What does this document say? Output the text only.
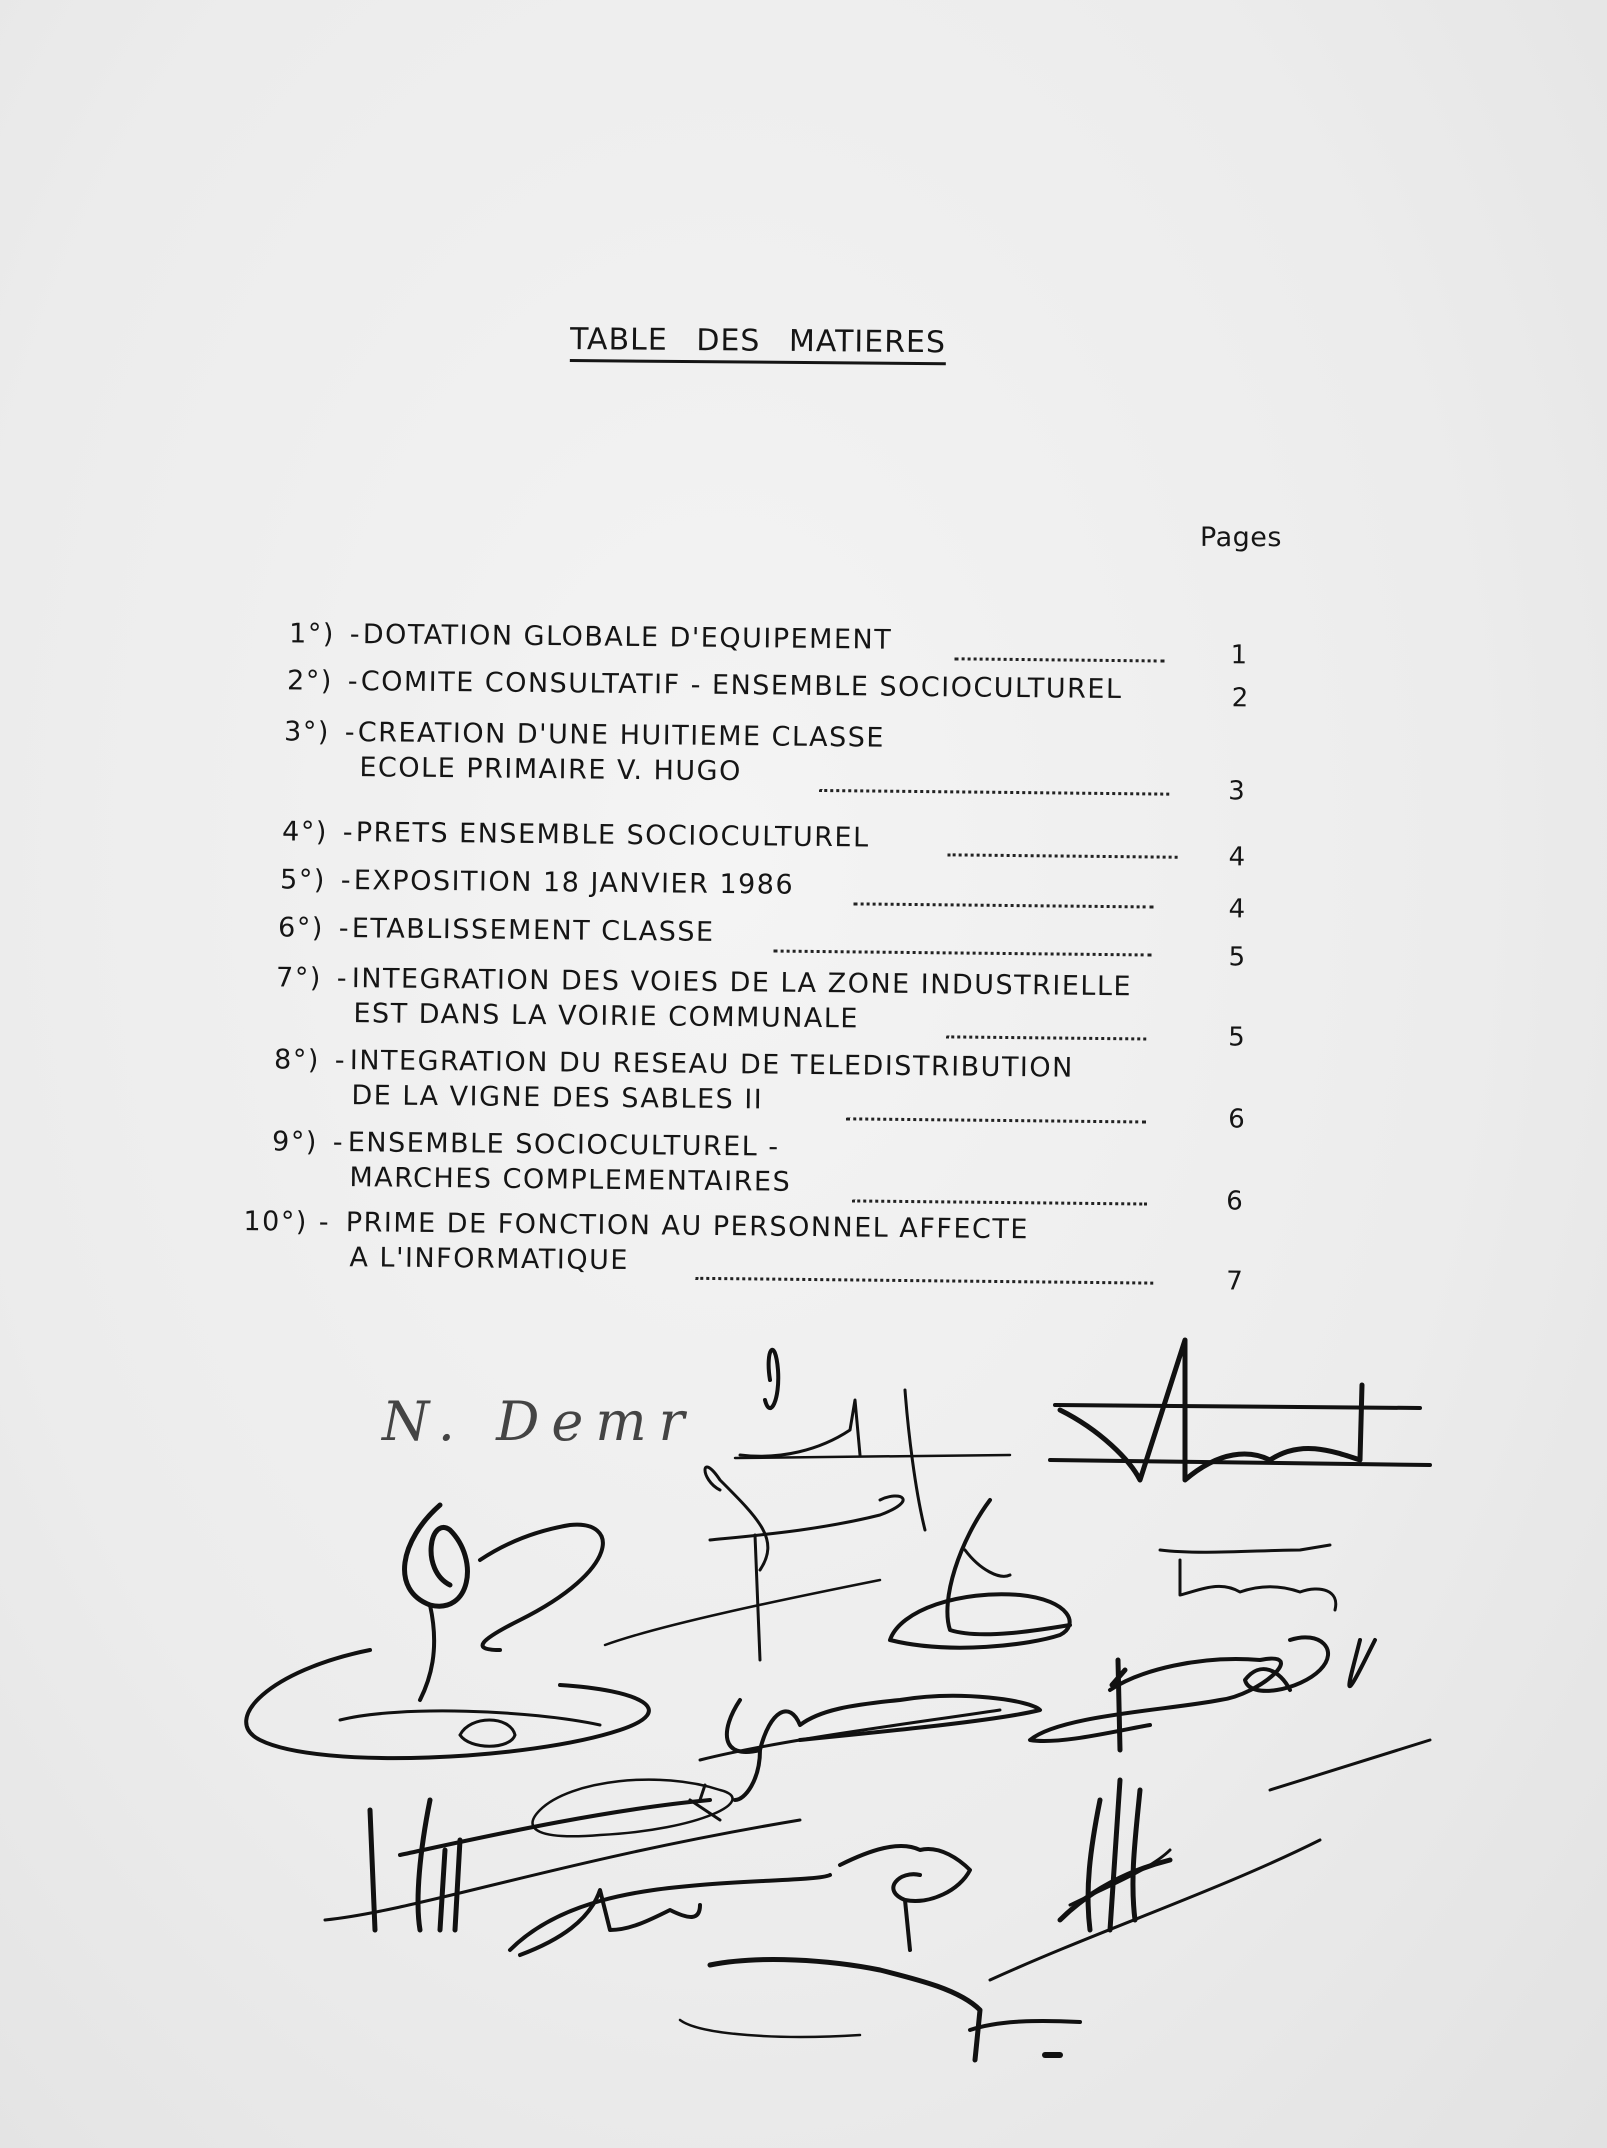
TABLE DES MATIERES
Pages
1°) - DOTATION GLOBALE D'EQUIPEMENT	1
2°) - COMITE CONSULTATIF - ENSEMBLE SOCIOCULTUREL	2
3°) - CREATION D'UNE HUITIEME CLASSE
ECOLE PRIMAIRE V. HUGO
3
4°) - PRETS ENSEMBLE SOCIOCULTUREL
4
5°) - EXPOSITION 18 JANVIER 1986
4
6°) - ETABLISSEMENT CLASSE
5
7°) - INTEGRATION DES VOIES DE LA ZONE INDUSTRIELLE
EST DANS LA VOIRIE COMMUNALE
5
8°) - INTEGRATION DU RESEAU DE TELEDISTRIBUTION
DE LA VIGNE DES SABLES II
6
9°) - ENSEMBLE SOCIOCULTUREL -
MARCHES COMPLEMENTAIRES
6
10°) - PRIME DE FONCTION AU PERSONNEL AFFECTE
A L'INFORMATIQUE
7
N. Demr
